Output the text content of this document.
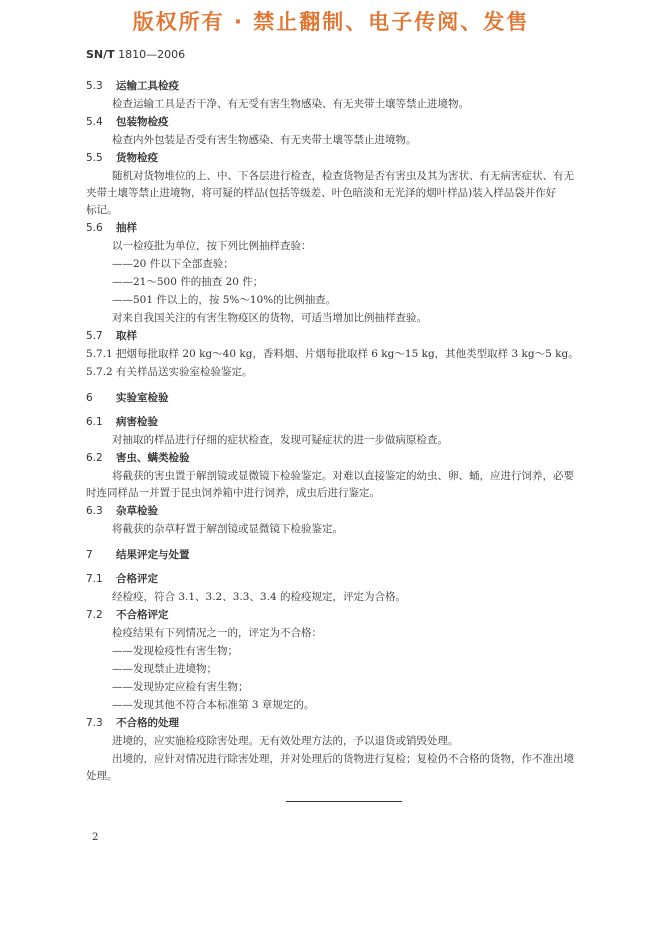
版权所有 · 禁止翻制、电子传阅、发售
SN/T 1810—2006
5.3 运输工具检疫
检查运输工具是否干净、有无受有害生物感染、有无夹带土壤等禁止进境物。
5.4 包装物检疫
检查内外包装是否受有害生物感染、有无夹带土壤等禁止进境物。
5.5 货物检疫
随机对货物堆位的上、中、下各层进行检查，检查货物是否有害虫及其为害状、有无病害症状、有无
夹带土壤等禁止进境物，将可疑的样品(包括等级差、叶色暗淡和无光泽的烟叶样品)装入样品袋并作好
标记。
5.6 抽样
以一检疫批为单位，按下列比例抽样查验：
——20 件以下全部查验；
——21～500 件的抽查 20 件；
——501 件以上的，按 5%～10%的比例抽查。
对来自我国关注的有害生物疫区的货物，可适当增加比例抽样查验。
5.7 取样
5.7.1 把烟每批取样 20 kg～40 kg，香料烟、片烟每批取样 6 kg～15 kg，其他类型取样 3 kg～5 kg。
5.7.2 有关样品送实验室检验鉴定。
6 实验室检验
6.1 病害检验
对抽取的样品进行仔细的症状检查，发现可疑症状的进一步做病原检查。
6.2 害虫、螨类检验
将截获的害虫置于解剖镜或显微镜下检验鉴定。对难以直接鉴定的幼虫、卵、蛹，应进行饲养，必要
时连同样品一并置于昆虫饲养箱中进行饲养，成虫后进行鉴定。
6.3 杂草检验
将截获的杂草籽置于解剖镜或显微镜下检验鉴定。
7 结果评定与处置
7.1 合格评定
经检疫，符合 3.1、3.2、3.3、3.4 的检疫规定，评定为合格。
7.2 不合格评定
检疫结果有下列情况之一的，评定为不合格：
——发现检疫性有害生物；
——发现禁止进境物；
——发现协定应检有害生物；
——发现其他不符合本标准第 3 章规定的。
7.3 不合格的处理
进境的，应实施检疫除害处理。无有效处理方法的，予以退货或销毁处理。
出境的，应针对情况进行除害处理，并对处理后的货物进行复检；复检仍不合格的货物，作不准出境
处理。
2
